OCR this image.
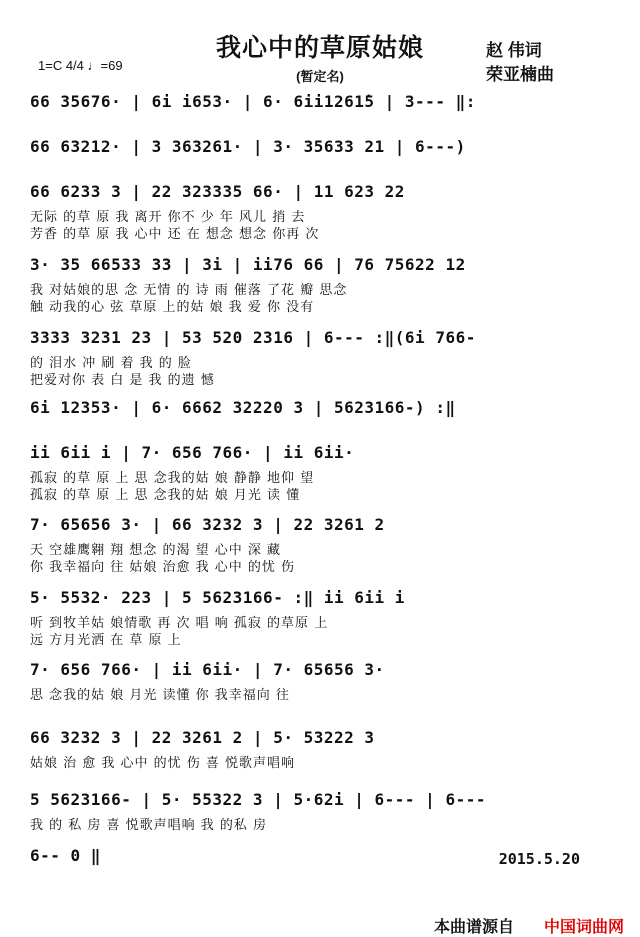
我心中的草原姑娘
(暂定名)
1=C 4/4 ♩=69
赵 伟词
荣亚楠曲
66 35676· | 6i i653· | 6· 6ii1261̇5 | 3--- ‖:
66 63212· | 3 363261· | 3· 35633 21 | 6---)
66 6233 3 | 22 323335 66· | 11 623 22
无际 的草 原 我 离开 你不 少 年 风儿 捎 去
芳香 的草 原 我 心中 还 在 想念 想念 你再 次
3· 35 66533 33 | 3i | ii76 66 | 76 75622 12
我 对姑娘的思 念 无情 的 诗 雨 催落 了花 瓣 思念
触 动我的心 弦 草原 上的姑 娘 我 爱 你 没有
3333 3231 23 | 53 520 2316 | 6--- :‖(6i 766-
的 泪水 冲 刷 着 我 的 脸
把爱对你 表 白 是 我 的遗 憾
6i 12353· | 6· 6662 32220 3 | 5623166-) :‖
ii 6ii i | 7· 656 766· | ii 6ii·
孤寂 的草 原 上 思 念我的姑 娘 静静 地仰 望
孤寂 的草 原 上 思 念我的姑 娘 月光 读 懂
7· 65656 3· | 66 3232 3 | 22 3261 2
天 空雄鹰翱 翔 想念 的渴 望 心中 深 藏
你 我幸福向 往 姑娘 治愈 我 心中 的忧 伤
5· 5532· 223 | 5 5623166- :‖ ii 6ii i
听 到牧羊姑 娘情歌 再 次 唱 响 孤寂 的草原 上
远 方月光洒 在 草 原 上
7· 656 766· | ii 6ii· | 7· 65656 3·
思 念我的姑 娘 月光 读懂 你 我幸福向 往
66 3232 3 | 22 3261 2 | 5· 53222 3
姑娘 治 愈 我 心中 的忧 伤 喜 悦歌声唱响
5 5623166- | 5· 55322 3 | 5·62i | 6--- | 6---
我 的 私 房 喜 悦歌声唱响 我 的私 房
6-- 0 ‖	2015.5.20
本曲谱源自 中国词曲网
